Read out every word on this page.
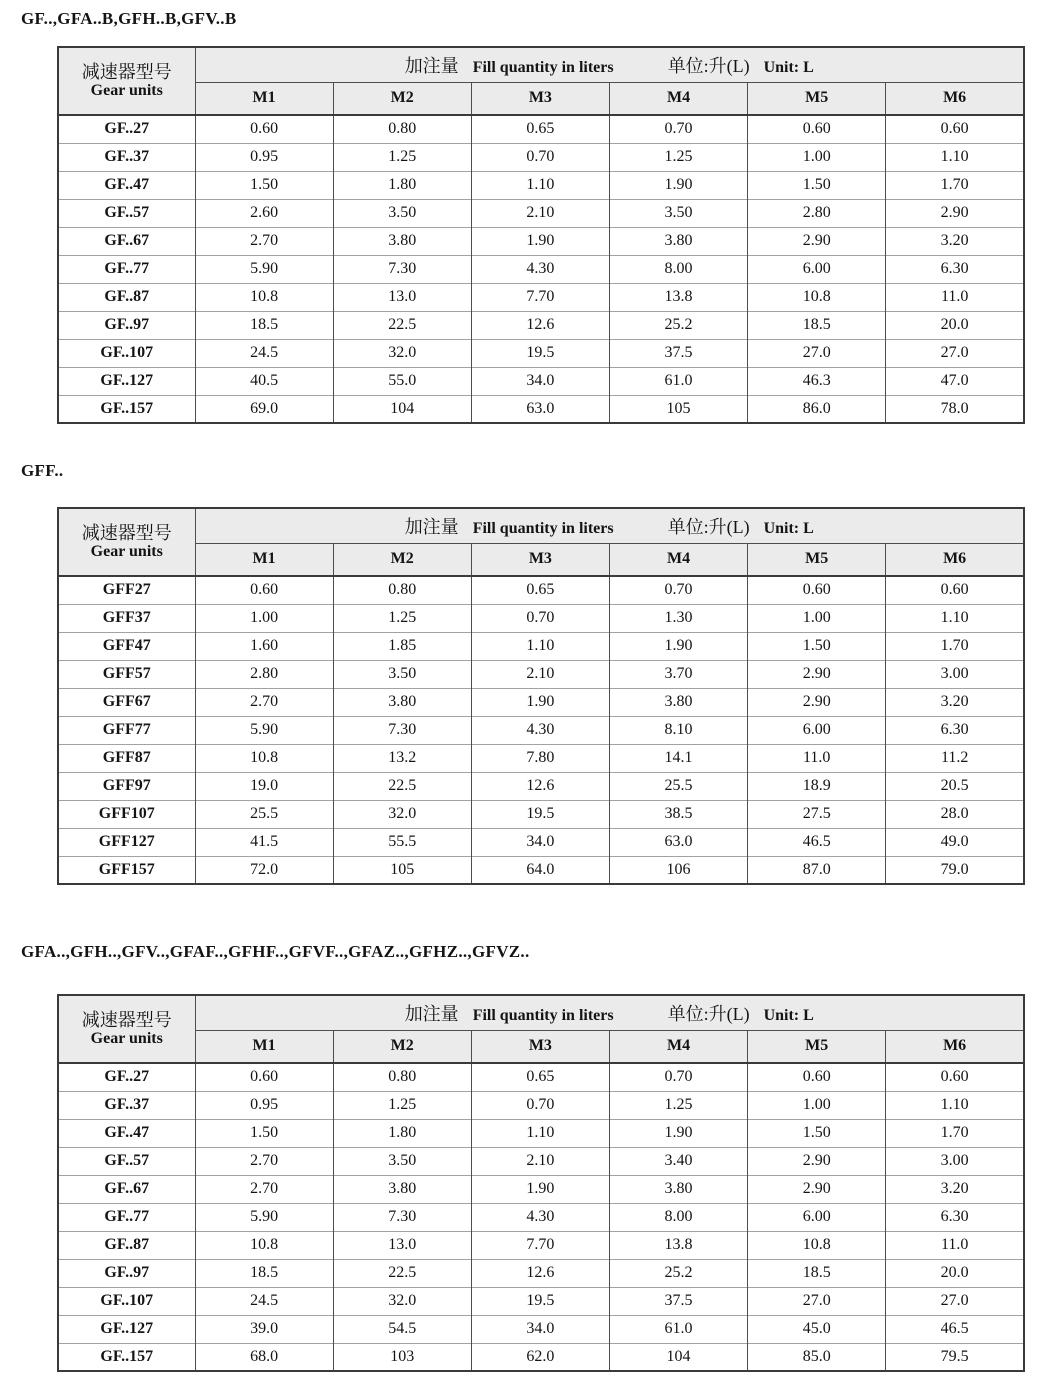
GF..,GFA..B,GFH..B,GFV..B
减速器型号
Gear units

加注量 Fill quantity in liters	单位:升(L) Unit: L

	M1	M2	M3	M4	M5	M6
GF..27	0.60	0.80	0.65	0.70	0.60	0.60
GF..37	0.95	1.25	0.70	1.25	1.00	1.10
GF..47	1.50	1.80	1.10	1.90	1.50	1.70
GF..57	2.60	3.50	2.10	3.50	2.80	2.90
GF..67	2.70	3.80	1.90	3.80	2.90	3.20
GF..77	5.90	7.30	4.30	8.00	6.00	6.30
GF..87	10.8	13.0	7.70	13.8	10.8	11.0
GF..97	18.5	22.5	12.6	25.2	18.5	20.0
GF..107	24.5	32.0	19.5	37.5	27.0	27.0
GF..127	40.5	55.0	34.0	61.0	46.3	47.0
GF..157	69.0	104	63.0	105	86.0	78.0
GFF..
减速器型号
Gear units

加注量 Fill quantity in liters	单位:升(L) Unit: L

	M1	M2	M3	M4	M5	M6
GFF27	0.60	0.80	0.65	0.70	0.60	0.60
GFF37	1.00	1.25	0.70	1.30	1.00	1.10
GFF47	1.60	1.85	1.10	1.90	1.50	1.70
GFF57	2.80	3.50	2.10	3.70	2.90	3.00
GFF67	2.70	3.80	1.90	3.80	2.90	3.20
GFF77	5.90	7.30	4.30	8.10	6.00	6.30
GFF87	10.8	13.2	7.80	14.1	11.0	11.2
GFF97	19.0	22.5	12.6	25.5	18.9	20.5
GFF107	25.5	32.0	19.5	38.5	27.5	28.0
GFF127	41.5	55.5	34.0	63.0	46.5	49.0
GFF157	72.0	105	64.0	106	87.0	79.0
GFA..,GFH..,GFV..,GFAF..,GFHF..,GFVF..,GFAZ..,GFHZ..,GFVZ..
减速器型号
Gear units

加注量 Fill quantity in liters	单位:升(L) Unit: L

	M1	M2	M3	M4	M5	M6
GF..27	0.60	0.80	0.65	0.70	0.60	0.60
GF..37	0.95	1.25	0.70	1.25	1.00	1.10
GF..47	1.50	1.80	1.10	1.90	1.50	1.70
GF..57	2.70	3.50	2.10	3.40	2.90	3.00
GF..67	2.70	3.80	1.90	3.80	2.90	3.20
GF..77	5.90	7.30	4.30	8.00	6.00	6.30
GF..87	10.8	13.0	7.70	13.8	10.8	11.0
GF..97	18.5	22.5	12.6	25.2	18.5	20.0
GF..107	24.5	32.0	19.5	37.5	27.0	27.0
GF..127	39.0	54.5	34.0	61.0	45.0	46.5
GF..157	68.0	103	62.0	104	85.0	79.5
